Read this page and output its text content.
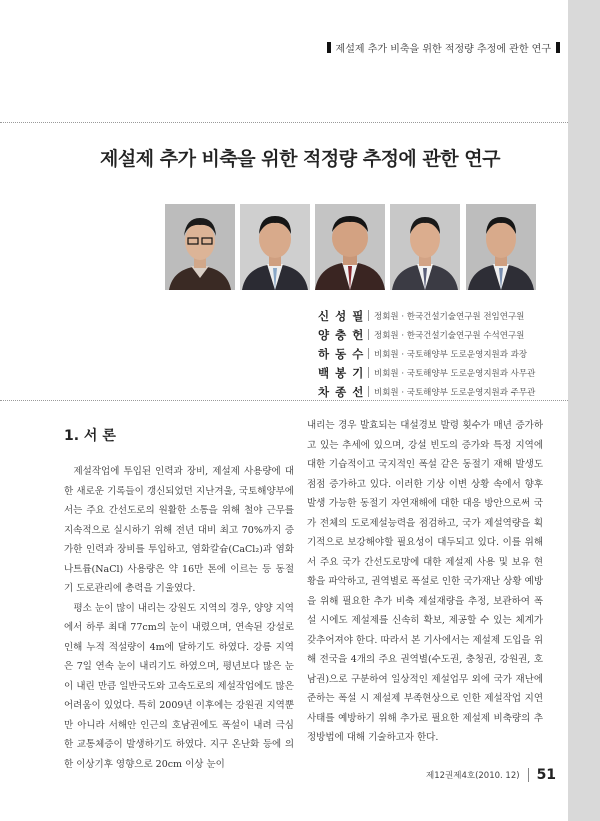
제설제 추가 비축을 위한 적정량 추정에 관한 연구
제설제 추가 비축을 위한 적정량 추정에 관한 연구
신 성 필	정회원 · 한국건설기술연구원 전임연구원
양 충 헌	정회원 · 한국건설기술연구원 수석연구원
하 동 수	비회원 · 국토해양부 도로운영지원과 과장
백 봉 기	비회원 · 국토해양부 도로운영지원과 사무관
차 종 선	비회원 · 국토해양부 도로운영지원과 주무관
1. 서 론

제설작업에 투입된 인력과 장비, 제설제 사용량에 대한 새로운 기록들이 갱신되었던 지난겨울, 국토해양부에서는 주요 간선도로의 원활한 소통을 위해 철야 근무를 지속적으로 실시하기 위해 전년 대비 최고 70%까지 증가한 인력과 장비를 투입하고, 염화칼슘(CaCl₂)과 염화나트륨(NaCl) 사용량은 약 16만 톤에 이르는 등 동절기 도로관리에 총력을 기울였다.

평소 눈이 많이 내리는 강원도 지역의 경우, 양양 지역에서 하루 최대 77cm의 눈이 내렸으며, 연속된 강설로 인해 누적 적설량이 4m에 달하기도 하였다. 강릉 지역은 7일 연속 눈이 내리기도 하였으며, 평년보다 많은 눈이 내린 만큼 일반국도와 고속도로의 제설작업에도 많은 어려움이 있었다. 특히 2009년 이후에는 강원권 지역뿐만 아니라 서해안 인근의 호남권에도 폭설이 내려 극심한 교통체증이 발생하기도 하였다. 지구 온난화 등에 의한 이상기후 영향으로 20cm 이상 눈이

내리는 경우 발효되는 대설경보 발령 횟수가 매년 증가하고 있는 추세에 있으며, 강설 빈도의 증가와 특정 지역에 대한 기습적이고 국지적인 폭설 같은 동절기 재해 발생도 점점 증가하고 있다. 이러한 기상 이변 상황 속에서 향후 발생 가능한 동절기 자연재해에 대한 대응 방안으로써 국가 전체의 도로제설능력을 점검하고, 국가 제설역량을 획기적으로 보강해야할 필요성이 대두되고 있다. 이를 위해서 주요 국가 간선도로망에 대한 제설제 사용 및 보유 현황을 파악하고, 권역별로 폭설로 인한 국가재난 상황 예방을 위해 필요한 추가 비축 제설재량을 추정, 보관하여 폭설 시에도 제설제를 신속히 확보, 제공할 수 있는 체계가 갖추어져야 한다. 따라서 본 기사에서는 제설제 도입을 위해 전국을 4개의 주요 권역별(수도권, 충청권, 강원권, 호남권)으로 구분하여 일상적인 제설업무 외에 국가 재난에 준하는 폭설 시 제설제 부족현상으로 인한 제설작업 지연 사태를 예방하기 위해 추가로 필요한 제설제 비축량의 추정방법에 대해 기술하고자 한다.

제12권제4호(2010. 12) 51
